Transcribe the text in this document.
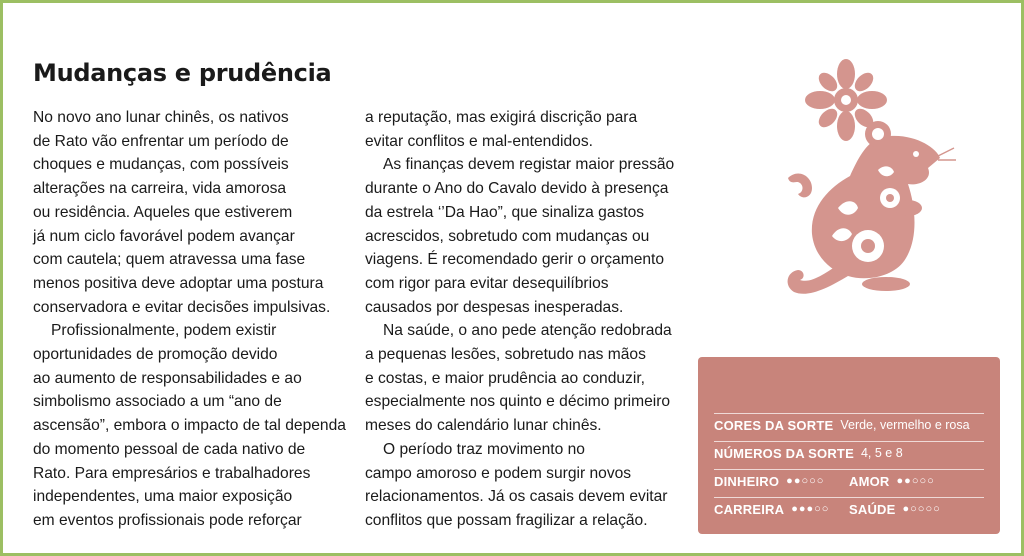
Mudanças e prudência
No novo ano lunar chinês, os nativos
de Rato vão enfrentar um período de
choques e mudanças, com possíveis
alterações na carreira, vida amorosa
ou residência. Aqueles que estiverem
já num ciclo favorável podem avançar
com cautela; quem atravessa uma fase
menos positiva deve adoptar uma postura
conservadora e evitar decisões impulsivas.
Profissionalmente, podem existir
oportunidades de promoção devido
ao aumento de responsabilidades e ao
simbolismo associado a um “ano de
ascensão”, embora o impacto de tal dependa
do momento pessoal de cada nativo de
Rato. Para empresários e trabalhadores
independentes, uma maior exposição
em eventos profissionais pode reforçar
a reputação, mas exigirá discrição para
evitar conflitos e mal-entendidos.
As finanças devem registar maior pressão
durante o Ano do Cavalo devido à presença
da estrela ‘’Da Hao”, que sinaliza gastos
acrescidos, sobretudo com mudanças ou
viagens. É recomendado gerir o orçamento
com rigor para evitar desequilíbrios
causados por despesas inesperadas.
Na saúde, o ano pede atenção redobrada
a pequenas lesões, sobretudo nas mãos
e costas, e maior prudência ao conduzir,
especialmente nos quinto e décimo primeiro
meses do calendário lunar chinês.
O período traz movimento no
campo amoroso e podem surgir novos
relacionamentos. Já os casais devem evitar
conflitos que possam fragilizar a relação.
CORES DA SORTE Verde, vermelho e rosa
NÚMEROS DA SORTE 4, 5 e 8
DINHEIRO ●●○○○ AMOR ●●○○○
CARREIRA ●●●○○ SAÚDE ●○○○○
